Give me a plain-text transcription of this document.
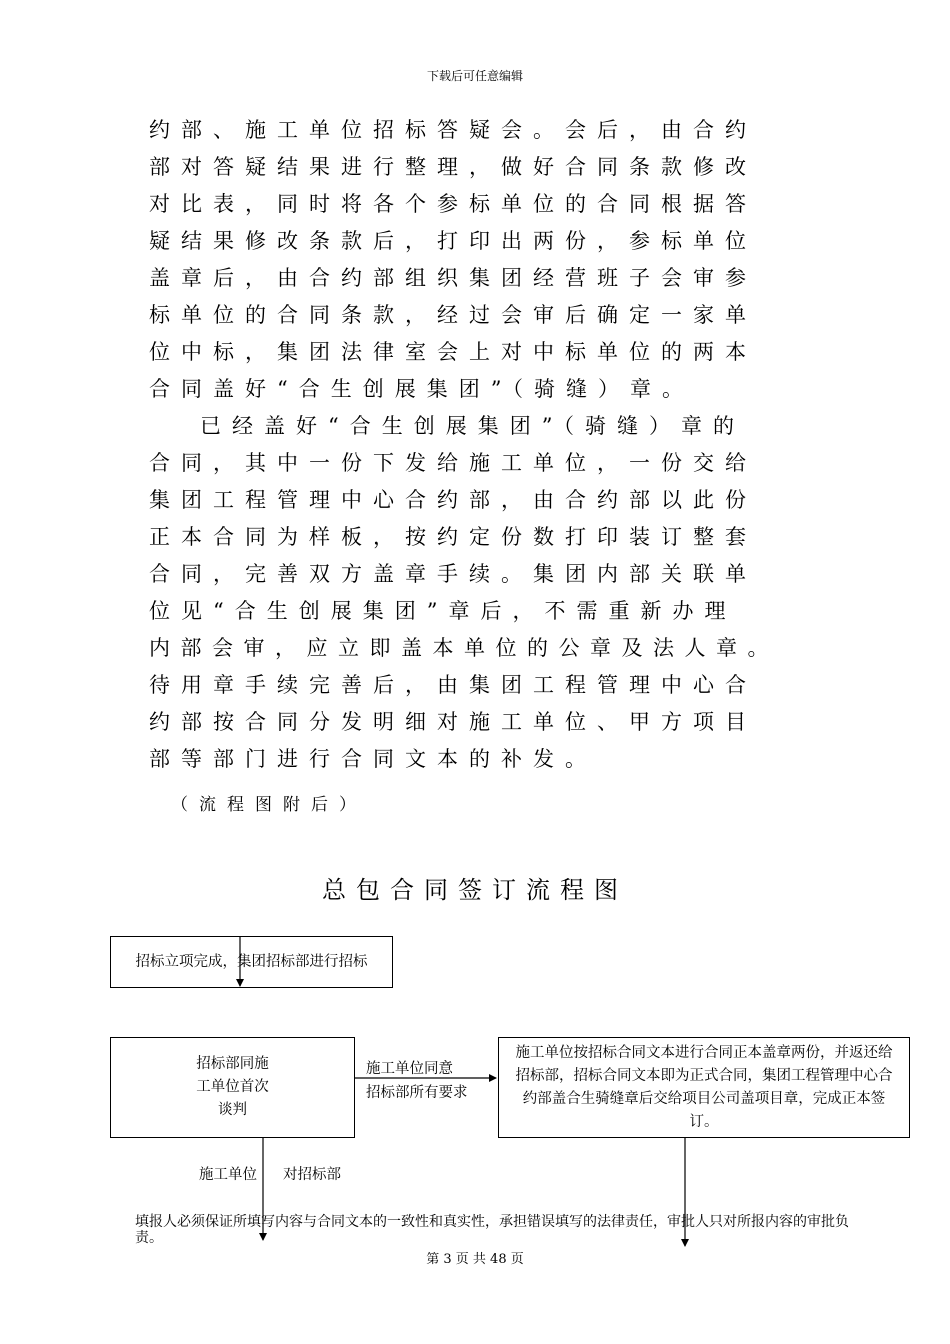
下载后可任意编辑
约部、施工单位招标答疑会。会后，由合约
部对答疑结果进行整理，做好合同条款修改
对比表，同时将各个参标单位的合同根据答
疑结果修改条款后，打印出两份，参标单位
盖章后，由合约部组织集团经营班子会审参
标单位的合同条款，经过会审后确定一家单
位中标，集团法律室会上对中标单位的两本
合同盖好“合生创展集团”（骑缝）章。
已经盖好“合生创展集团”（骑缝）章的
合同，其中一份下发给施工单位，一份交给
集团工程管理中心合约部，由合约部以此份
正本合同为样板，按约定份数打印装订整套
合同，完善双方盖章手续。集团内部关联单
位见“合生创展集团”章后，不需重新办理
内部会审，应立即盖本单位的公章及法人章。
待用章手续完善后，由集团工程管理中心合
约部按合同分发明细对施工单位、甲方项目
部等部门进行合同文本的补发。
（流程图附后）
总包合同签订流程图
招标立项完成，集团招标部进行招标
招标部同施工单位首次谈判
施工单位同意
招标部所有要求
施工单位按招标合同文本进行合同正本盖章两份，并返还给招标部，招标合同文本即为正式合同，集团工程管理中心合约部盖合生骑缝章后交给项目公司盖项目章，完成正本签订。
施工单位 对招标部
填报人必须保证所填写内容与合同文本的一致性和真实性，承担错误填写的法律责任，审批人只对所报内容的审批负责。
第 3 页 共 48 页
